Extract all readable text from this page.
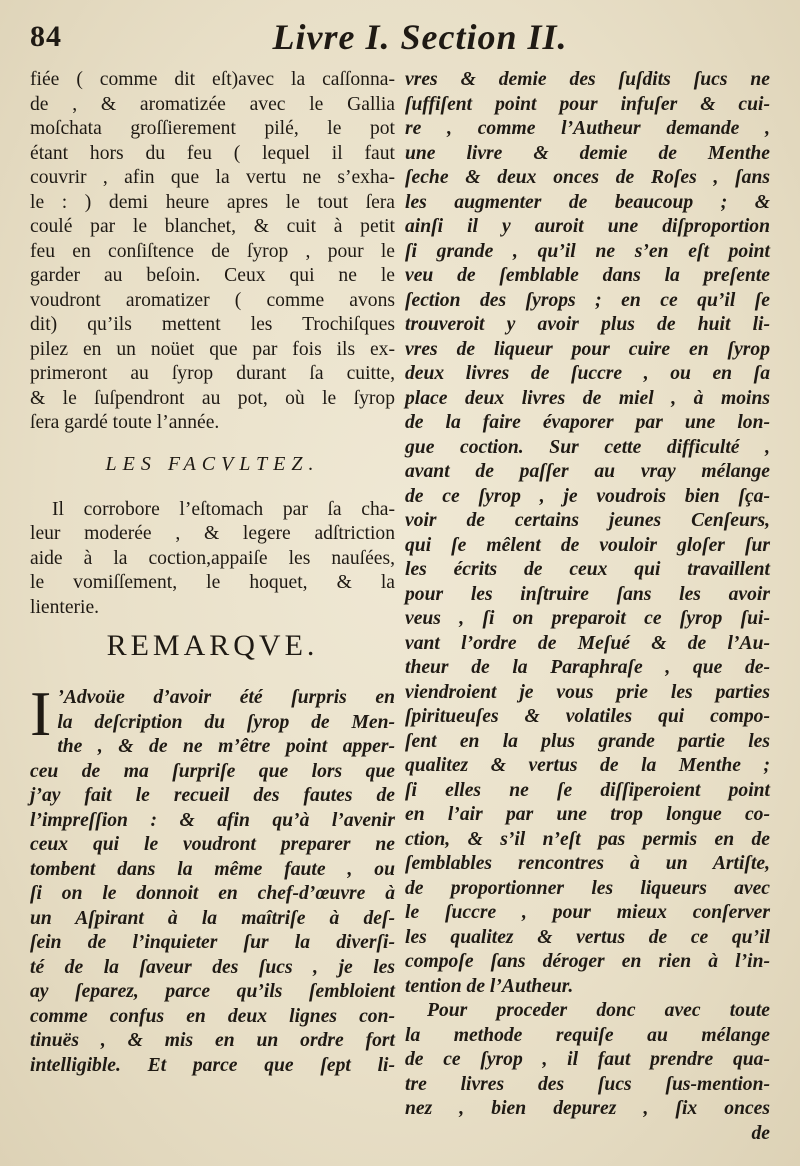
84	Livre I. Section II.
fiée ( comme dit eſt)avec la caſſonna-
de , & aromatizée avec le Gallia
moſchata groſſierement pilé, le pot
étant hors du feu ( lequel il faut
couvrir , afin que la vertu ne s’exha-
le : ) demi heure apres le tout ſera
coulé par le blanchet, & cuit à petit
feu en conſiſtence de ſyrop , pour le
garder au beſoin. Ceux qui ne le
voudront aromatizer ( comme avons
dit) qu’ils mettent les Trochiſques
pilez en un noüet que par fois ils ex-
primeront au ſyrop durant ſa cuitte,
& le ſuſpendront au pot, où le ſyrop
ſera gardé toute l’année.
LES FACVLTEZ.
Il corrobore l’eſtomach par ſa cha-
leur moderée , & legere adſtriction
aide à la coction,appaiſe les nauſées,
le vomiſſement, le hoquet, & la
lienterie.
REMARQVE.
I ’Advoüe d’avoir été ſurpris en
la deſcription du ſyrop de Men-
the , & de ne m’être point apper-
ceu de ma ſurpriſe que lors que
j’ay fait le recueil des fautes de
l’impreſſion : & afin qu’à l’avenir
ceux qui le voudront preparer ne
tombent dans la même faute , ou
ſi on le donnoit en chef-d’œuvre à
un Aſpirant à la maîtriſe à deſ-
ſein de l’inquieter ſur la diverſi-
té de la ſaveur des ſucs , je les
ay ſeparez, parce qu’ils ſembloient
comme confus en deux lignes con-
tinuës , & mis en un ordre fort
intelligible. Et parce que ſept li-
vres & demie des ſuſdits ſucs ne
ſuffiſent point pour infuſer & cui-
re , comme l’Autheur demande ,
une livre & demie de Menthe
ſeche & deux onces de Roſes , ſans
les augmenter de beaucoup ; &
ainſi il y auroit une diſproportion
ſi grande , qu’il ne s’en eſt point
veu de ſemblable dans la preſente
ſection des ſyrops ; en ce qu’il ſe
trouveroit y avoir plus de huit li-
vres de liqueur pour cuire en ſyrop
deux livres de ſuccre , ou en ſa
place deux livres de miel , à moins
de la faire évaporer par une lon-
gue coction. Sur cette difficulté ,
avant de paſſer au vray mélange
de ce ſyrop , je voudrois bien ſça-
voir de certains jeunes Cenſeurs,
qui ſe mêlent de vouloir gloſer ſur
les écrits de ceux qui travaillent
pour les inſtruire ſans les avoir
veus , ſi on preparoit ce ſyrop ſui-
vant l’ordre de Meſué & de l’Au-
theur de la Paraphraſe , que de-
viendroient je vous prie les parties
ſpiritueuſes & volatiles qui compo-
ſent en la plus grande partie les
qualitez & vertus de la Menthe ;
ſi elles ne ſe diſſiperoient point
en l’air par une trop longue co-
ction, & s’il n’eſt pas permis en de
ſemblables rencontres à un Artiſte,
de proportionner les liqueurs avec
le ſuccre , pour mieux conſerver
les qualitez & vertus de ce qu’il
compoſe ſans déroger en rien à l’in-
tention de l’Autheur.
Pour proceder donc avec toute
la methode requiſe au mélange
de ce ſyrop , il faut prendre qua-
tre livres des ſucs ſus-mention-
nez , bien depurez , ſix onces
de
